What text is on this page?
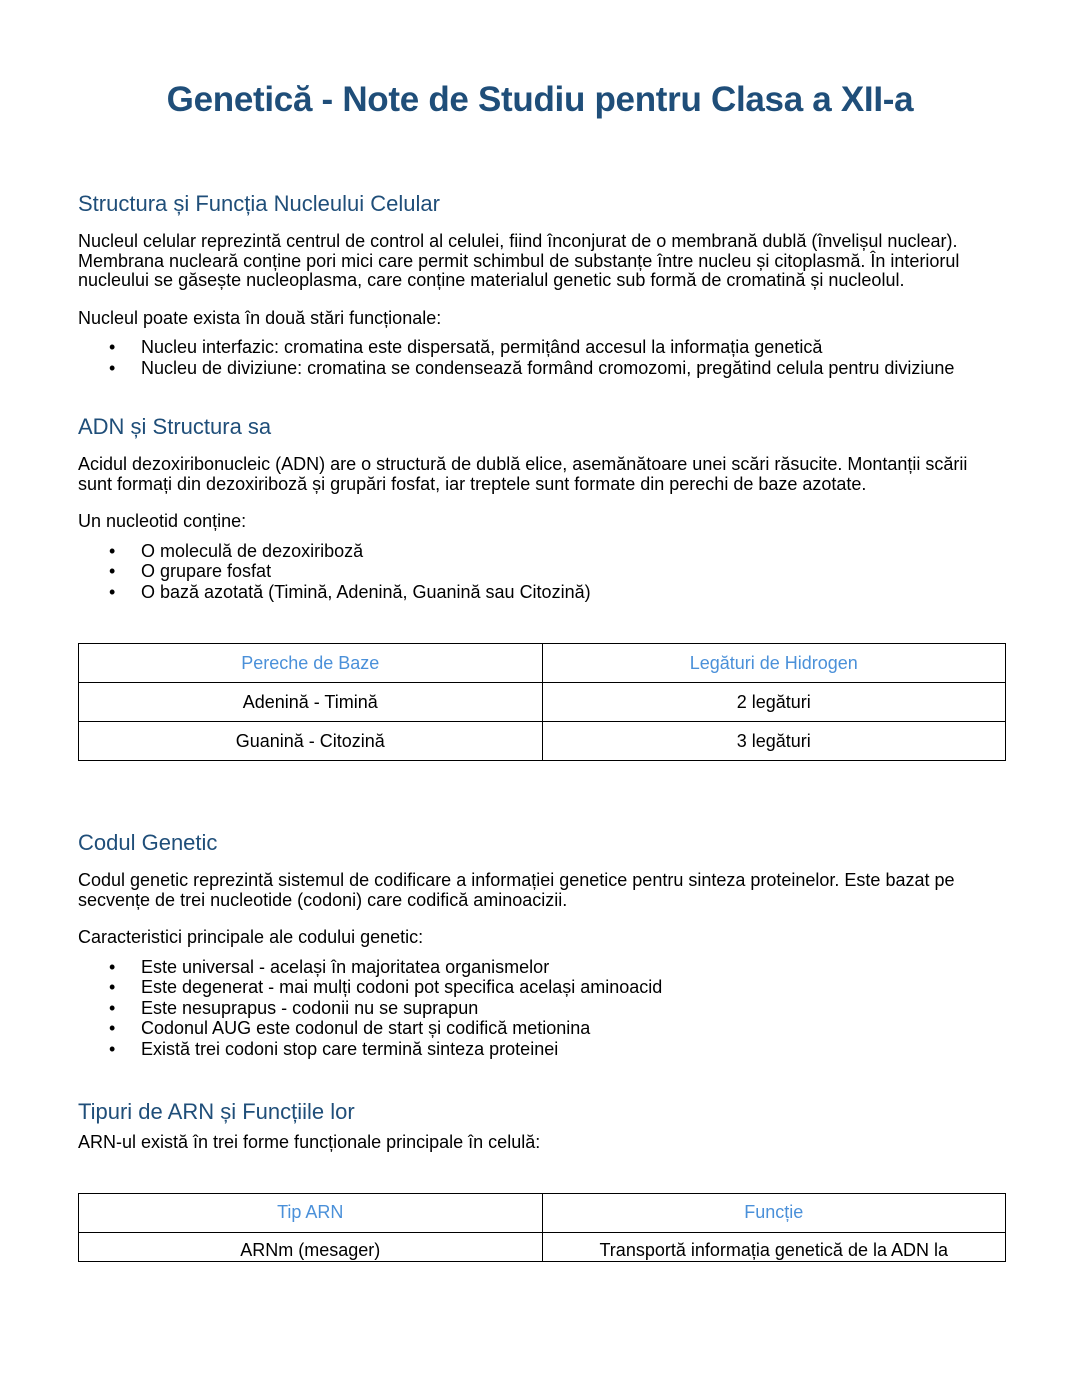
Genetică - Note de Studiu pentru Clasa a XII-a
Structura și Funcția Nucleului Celular

Nucleul celular reprezintă centrul de control al celulei, fiind înconjurat de o membrană dublă (învelișul nuclear). Membrana nucleară conține pori mici care permit schimbul de substanțe între nucleu și citoplasmă. În interiorul nucleului se găsește nucleoplasma, care conține materialul genetic sub formă de cromatină și nucleolul.

Nucleul poate exista în două stări funcționale:

• Nucleu interfazic: cromatina este dispersată, permițând accesul la informația genetică
• Nucleu de diviziune: cromatina se condensează formând cromozomi, pregătind celula pentru diviziune
ADN și Structura sa

Acidul dezoxiribonucleic (ADN) are o structură de dublă elice, asemănătoare unei scări răsucite. Montanții scării sunt formați din dezoxiriboză și grupări fosfat, iar treptele sunt formate din perechi de baze azotate.

Un nucleotid conține:

• O moleculă de dezoxiriboză
• O grupare fosfat
• O bază azotată (Timină, Adenină, Guanină sau Citozină)
Pereche de Baze	Legături de Hidrogen
Adenină - Timină	2 legături
Guanină - Citozină	3 legături
Codul Genetic

Codul genetic reprezintă sistemul de codificare a informației genetice pentru sinteza proteinelor. Este bazat pe secvențe de trei nucleotide (codoni) care codifică aminoacizii.

Caracteristici principale ale codului genetic:

• Este universal - același în majoritatea organismelor
• Este degenerat - mai mulți codoni pot specifica același aminoacid
• Este nesuprapus - codonii nu se suprapun
• Codonul AUG este codonul de start și codifică metionina
• Există trei codoni stop care termină sinteza proteinei
Tipuri de ARN și Funcțiile lor

ARN-ul există în trei forme funcționale principale în celulă:

Tip ARN	Funcție
ARNm (mesager)	Transportă informația genetică de la ADN la
